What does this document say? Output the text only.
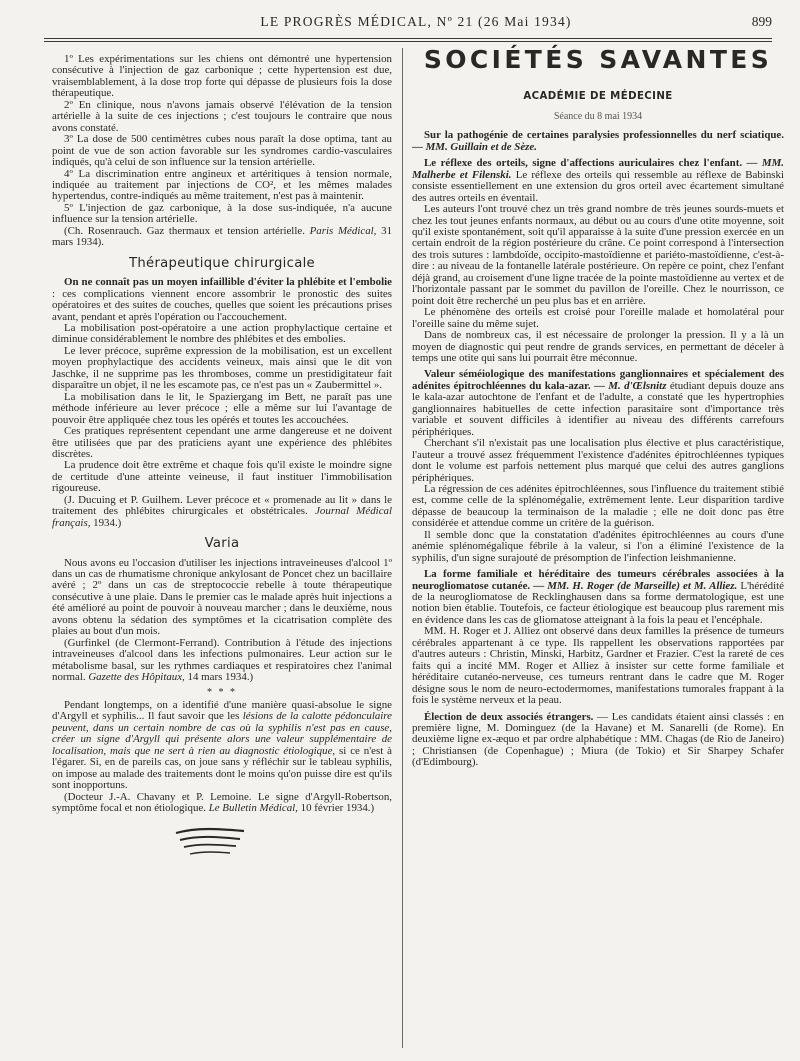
LE PROGRÈS MÉDICAL, Nº 21 (26 Mai 1934)	899

1º Les expérimentations sur les chiens ont démontré une hypertension consécutive à l'injection de gaz carbonique ; cette hypertension est due, vraisemblablement, à la dose trop forte qui dépasse de plusieurs fois la dose thérapeutique.

2º En clinique, nous n'avons jamais observé l'élévation de la tension artérielle à la suite de ces injections ; c'est toujours le contraire que nous avons constaté.

3º La dose de 500 centimètres cubes nous paraît la dose optima, tant au point de vue de son action favorable sur les syndromes cardio-vasculaires indiqués, qu'à celui de son influence sur la tension artérielle.

4º La discrimination entre angineux et artéritiques à tension normale, indiquée au traitement par injections de CO², et les mêmes malades hypertendus, contre-indiqués au même traitement, n'est pas à maintenir.

5º L'injection de gaz carbonique, à la dose sus-indiquée, n'a aucune influence sur la tension artérielle.

(Ch. Rosenrauch. Gaz thermaux et tension artérielle. Paris Médical, 31 mars 1934).

Thérapeutique chirurgicale

On ne connaît pas un moyen infaillible d'éviter la phlébite et l'embolie : ces complications viennent encore assombrir le pronostic des suites opératoires et des suites de couches, quelles que soient les précautions prises avant, pendant et après l'opération ou l'accouchement.

La mobilisation post-opératoire a une action prophylactique certaine et diminue considérablement le nombre des phlébites et des embolies.

Le lever précoce, suprême expression de la mobilisation, est un excellent moyen prophylactique des accidents veineux, mais ainsi que le dit von Jaschke, il ne supprime pas les thromboses, comme un prestidigitateur fait disparaître un objet, il ne les escamote pas, ce n'est pas un « Zaubermittel ».

La mobilisation dans le lit, le Spaziergang im Bett, ne paraît pas une méthode inférieure au lever précoce ; elle a même sur lui l'avantage de pouvoir être appliquée chez tous les opérés et toutes les accouchées.

Ces pratiques représentent cependant une arme dangereuse et ne doivent être utilisées que par des praticiens ayant une expérience des phlébites discrètes.

La prudence doit être extrême et chaque fois qu'il existe le moindre signe de certitude d'une atteinte veineuse, il faut instituer l'immobilisation rigoureuse.

(J. Ducuing et P. Guilhem. Lever précoce et « promenade au lit » dans le traitement des phlébites chirurgicales et obstétricales. Journal Médical français, 1934.)

Varia

Nous avons eu l'occasion d'utiliser les injections intraveineuses d'alcool 1º dans un cas de rhumatisme chronique ankylosant de Poncet chez un bacillaire avéré ; 2º dans un cas de streptococcie rebelle à toute thérapeutique consécutive à une plaie. Dans le premier cas le malade après huit injections a été amélioré au point de pouvoir à nouveau marcher ; dans le deuxième, nous avons obtenu la sédation des symptômes et la cicatrisation complète des plaies au bout d'un mois.

(Gurfinkel (de Clermont-Ferrand). Contribution à l'étude des injections intraveineuses d'alcool dans les infections pulmonaires. Leur action sur le métabolisme basal, sur les rythmes cardiaques et respiratoires chez l'animal normal. Gazette des Hôpitaux, 14 mars 1934.)

* * *

Pendant longtemps, on a identifié d'une manière quasi-absolue le signe d'Argyll et syphilis... Il faut savoir que les lésions de la calotte pédonculaire peuvent, dans un certain nombre de cas où la syphilis n'est pas en cause, créer un signe d'Argyll qui présente alors une valeur supplémentaire de localisation, mais que ne sert à rien au diagnostic étiologique, si ce n'est à l'égarer. Si, en de pareils cas, on joue sans y réfléchir sur le tableau syphilis, on impose au malade des traitements dont le moins qu'on puisse dire est qu'ils sont inopportuns.

(Docteur J.-A. Chavany et P. Lemoine. Le signe d'Argyll-Robertson, symptôme focal et non étiologique. Le Bulletin Médical, 10 février 1934.)

SOCIÉTÉS SAVANTES
ACADÉMIE DE MÉDECINE
Séance du 8 mai 1934

Sur la pathogénie de certaines paralysies professionnelles du nerf sciatique. — MM. Guillain et de Sèze.

Le réflexe des orteils, signe d'affections auriculaires chez l'enfant. — MM. Malherbe et Filenski. Le réflexe des orteils qui ressemble au réflexe de Babinski consiste essentiellement en une extension du gros orteil avec écartement simultané des autres orteils en éventail.

Les auteurs l'ont trouvé chez un très grand nombre de très jeunes sourds-muets et chez les tout jeunes enfants normaux, au début ou au cours d'une otite moyenne, soit qu'il existe spontanément, soit qu'il apparaisse à la suite d'une pression exercée en un certain endroit de la région postérieure du crâne. Ce point correspond à l'intersection des trois sutures : lambdoïde, occipito-mastoïdienne et pariéto-mastoïdienne, c'est-à-dire : au niveau de la fontanelle latérale postérieure. On repère ce point, chez l'enfant déjà grand, au croisement d'une ligne tracée de la pointe mastoïdienne au vertex et de l'horizontale passant par le sommet du pavillon de l'oreille. Chez le nourrisson, ce point doit être recherché un peu plus bas et en arrière.

Le phénomène des orteils est croisé pour l'oreille malade et homolatéral pour l'oreille saine du même sujet.

Dans de nombreux cas, il est nécessaire de prolonger la pression. Il y a là un moyen de diagnostic qui peut rendre de grands services, en permettant de déceler à temps une otite qui sans lui pourrait être méconnue.

Valeur séméiologique des manifestations ganglionnaires et spécialement des adénites épitrochléennes du kala-azar. — M. d'Œlsnitz étudiant depuis douze ans le kala-azar autochtone de l'enfant et de l'adulte, a constaté que les hypertrophies ganglionnaires habituelles de cette infection parasitaire sont d'importance très variable et souvent difficiles à identifier au niveau des différents carrefours périphériques.

Cherchant s'il n'existait pas une localisation plus élective et plus caractéristique, l'auteur a trouvé assez fréquemment l'existence d'adénites épitrochléennes typiques dont le volume est parfois nettement plus marqué que celui des autres ganglions périphériques.

La régression de ces adénites épitrochléennes, sous l'influence du traitement stibié est, comme celle de la splénomégalie, extrêmement lente. Leur disparition tardive dépasse de beaucoup la terminaison de la maladie ; elle ne doit donc pas être considérée et attendue comme un critère de la guérison.

Il semble donc que la constatation d'adénites épitrochléennes au cours d'une anémie splénomégalique fébrile à la valeur, si l'on a éliminé l'existence de la syphilis, d'un signe surajouté de présomption de l'infection leishmanienne.

La forme familiale et héréditaire des tumeurs cérébrales associées à la neurogliomatose cutanée. — MM. H. Roger (de Marseille) et M. Alliez. L'hérédité de la neurogliomatose de Recklinghausen dans sa forme dermatologique, est une notion bien établie. Toutefois, ce facteur étiologique est beaucoup plus rarement mis en évidence dans les cas de gliomatose atteignant à la fois la peau et l'encéphale.

MM. H. Roger et J. Alliez ont observé dans deux familles la présence de tumeurs cérébrales appartenant à ce type. Ils rappellent les observations rapportées par d'autres auteurs : Christin, Minski, Harbitz, Gardner et Frazier. C'est la rareté de ces faits qui a incité MM. Roger et Alliez à insister sur cette forme familiale et héréditaire cutanéo-nerveuse, ces tumeurs rentrant dans le cadre que M. Roger désigne sous le nom de neuro-ectodermomes, manifestations tumorales frappant à la fois le système nerveux et la peau.

Élection de deux associés étrangers. — Les candidats étaient ainsi classés : en première ligne, M. Dominguez (de la Havane) et M. Sanarelli (de Rome). En deuxième ligne ex-æquo et par ordre alphabétique : MM. Chagas (de Rio de Janeiro) ; Christiansen (de Copenhague) ; Miura (de Tokio) et Sir Sharpey Schafer (d'Edimbourg).
